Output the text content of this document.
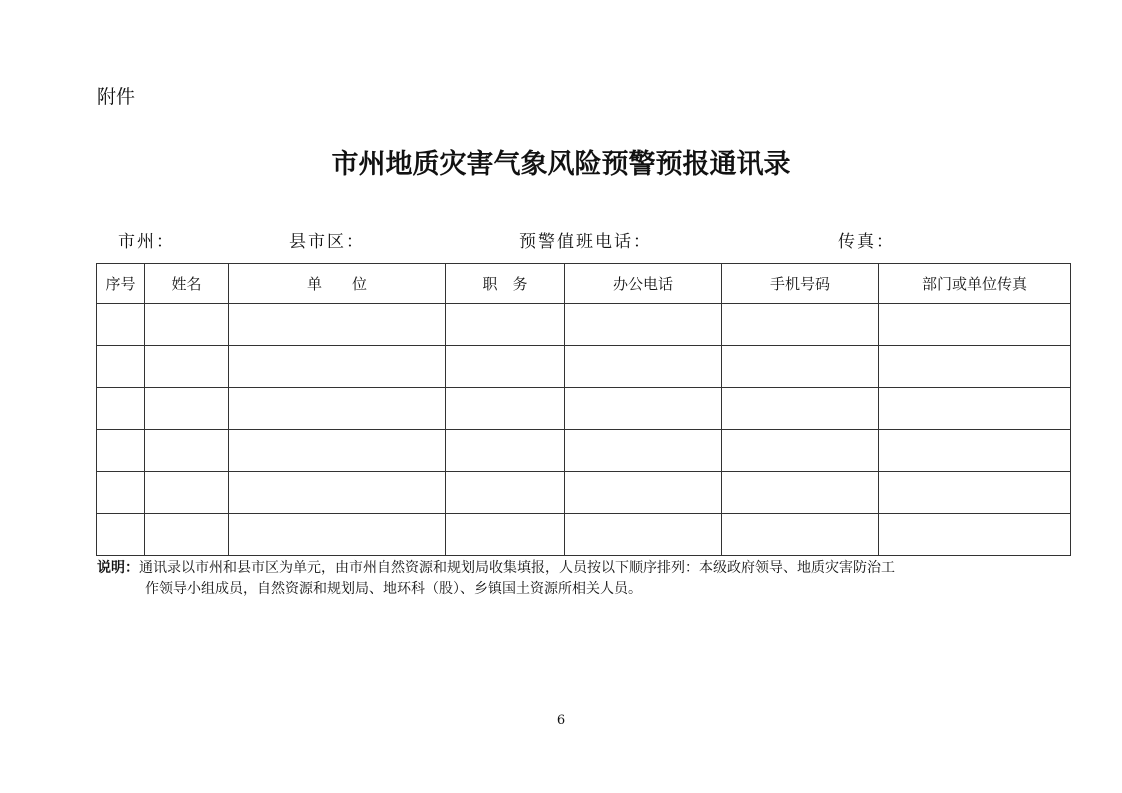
附件

市州地质灾害气象风险预警预报通讯录

市州：	县市区：	预警值班电话：	传真：

序号	姓名	单　　位	职　务	办公电话	手机号码	部门或单位传真

说明：通讯录以市州和县市区为单元，由市州自然资源和规划局收集填报，人员按以下顺序排列：本级政府领导、地质灾害防治工
作领导小组成员，自然资源和规划局、地环科（股）、乡镇国土资源所相关人员。

6
